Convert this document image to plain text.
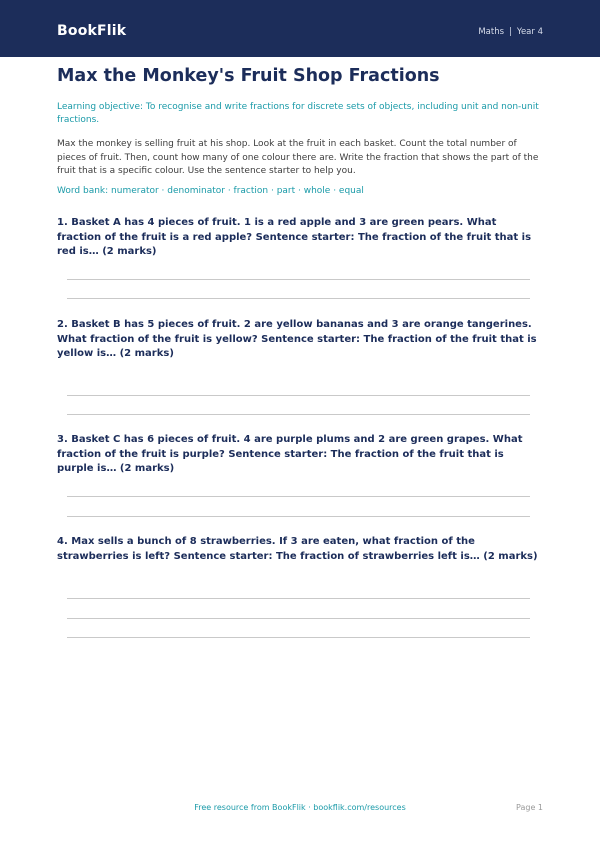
BookFlik	Maths | Year 4
Max the Monkey's Fruit Shop Fractions

Learning objective: To recognise and write fractions for discrete sets of objects, including unit and non-unit fractions.

Max the monkey is selling fruit at his shop. Look at the fruit in each basket. Count the total number of pieces of fruit. Then, count how many of one colour there are. Write the fraction that shows the part of the fruit that is a specific colour. Use the sentence starter to help you.

Word bank: numerator · denominator · fraction · part · whole · equal

1. Basket A has 4 pieces of fruit. 1 is a red apple and 3 are green pears. What fraction of the fruit is a red apple? Sentence starter: The fraction of the fruit that is red is… (2 marks)

2. Basket B has 5 pieces of fruit. 2 are yellow bananas and 3 are orange tangerines. What fraction of the fruit is yellow? Sentence starter: The fraction of the fruit that is yellow is… (2 marks)

3. Basket C has 6 pieces of fruit. 4 are purple plums and 2 are green grapes. What fraction of the fruit is purple? Sentence starter: The fraction of the fruit that is purple is… (2 marks)

4. Max sells a bunch of 8 strawberries. If 3 are eaten, what fraction of the strawberries is left? Sentence starter: The fraction of strawberries left is… (2 marks)

Free resource from BookFlik · bookflik.com/resources	Page 1
